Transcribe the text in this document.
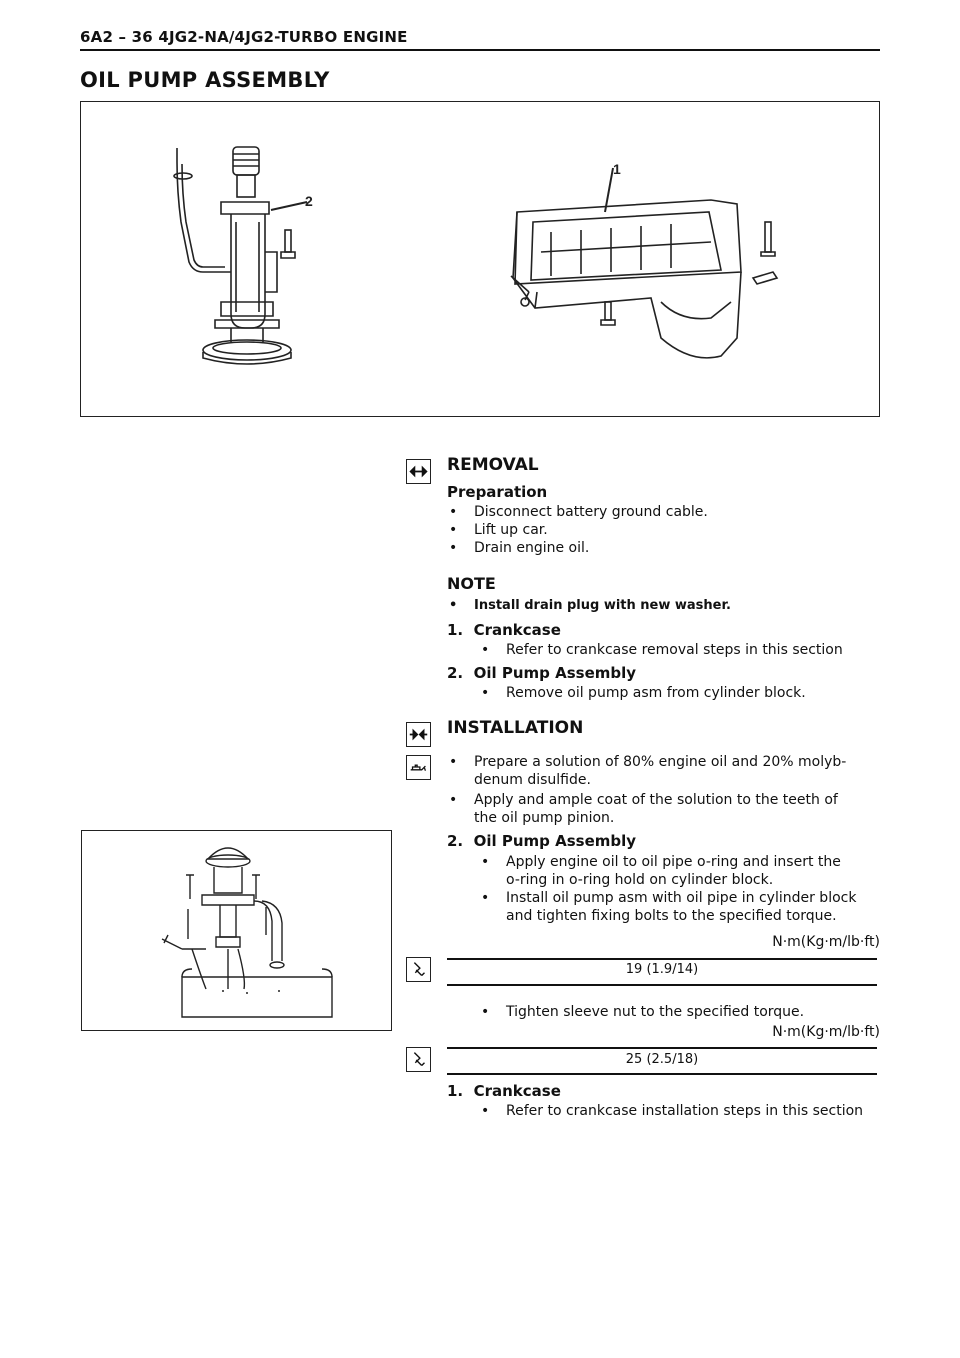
6A2 – 36 4JG2-NA/4JG2-TURBO ENGINE
OIL PUMP ASSEMBLY
2
1
REMOVAL
Preparation
• Disconnect battery ground cable.
• Lift up car.
• Drain engine oil.
NOTE
• Install drain plug with new washer.
1. Crankcase
• Refer to crankcase removal steps in this section
2. Oil Pump Assembly
• Remove oil pump asm from cylinder block.
INSTALLATION
• Prepare a solution of 80% engine oil and 20% molyb-
denum disulfide.
• Apply and ample coat of the solution to the teeth of
the oil pump pinion.
2. Oil Pump Assembly
• Apply engine oil to oil pipe o-ring and insert the
o-ring in o-ring hold on cylinder block.
• Install oil pump asm with oil pipe in cylinder block
and tighten fixing bolts to the specified torque.
N·m(Kg·m/lb·ft)
19 (1.9/14)
• Tighten sleeve nut to the specified torque.
N·m(Kg·m/lb·ft)
25 (2.5/18)
1. Crankcase
• Refer to crankcase installation steps in this section
